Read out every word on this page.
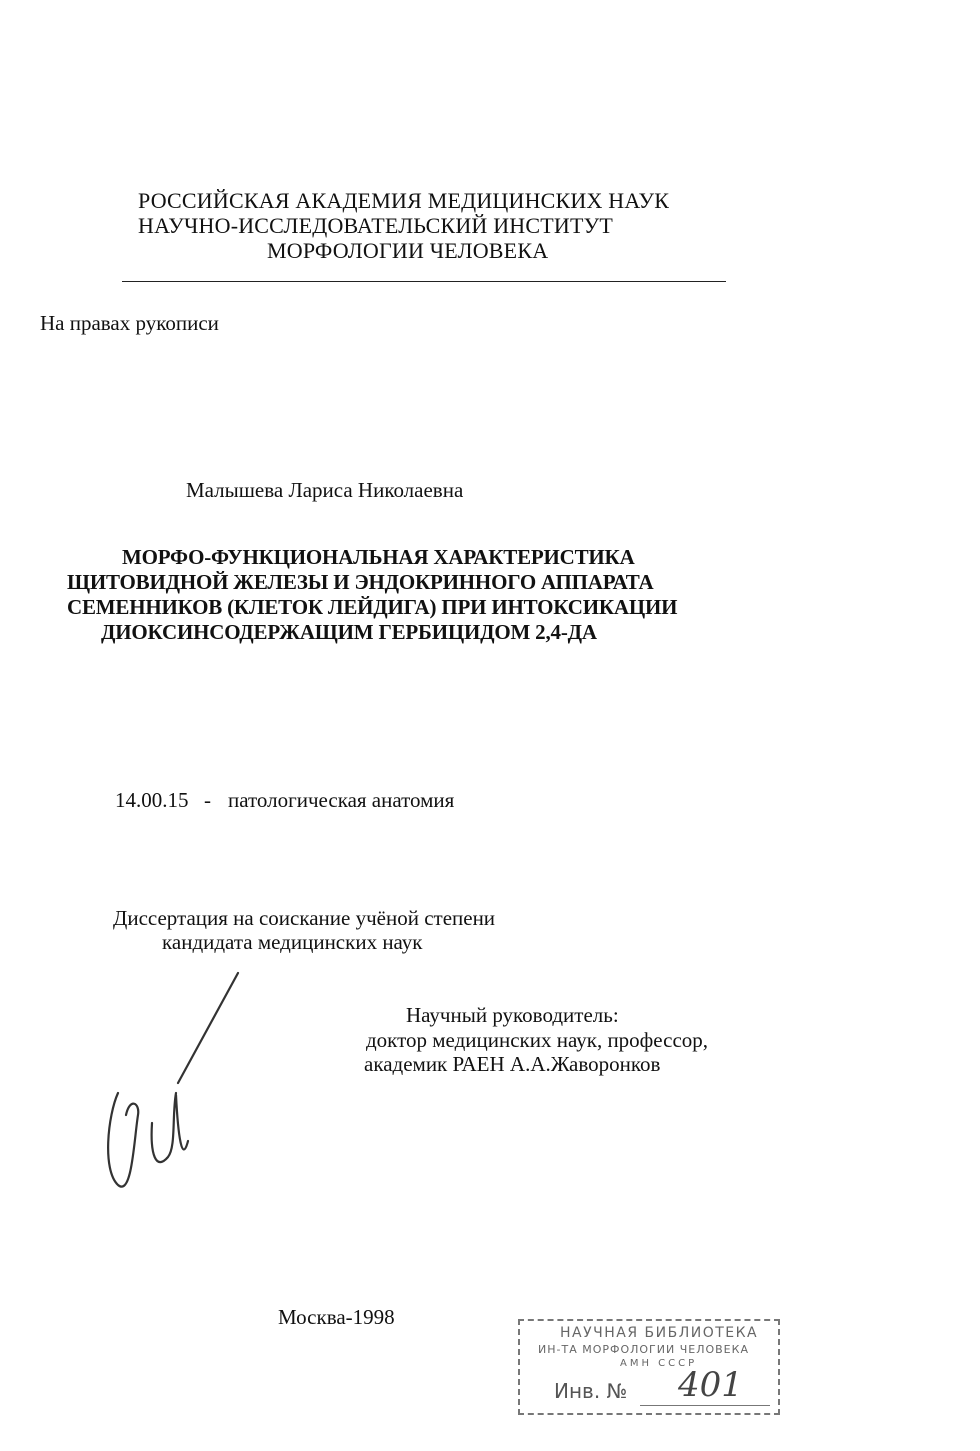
РОССИЙСКАЯ АКАДЕМИЯ МЕДИЦИНСКИХ НАУК
НАУЧНО-ИССЛЕДОВАТЕЛЬСКИЙ ИНСТИТУТ
МОРФОЛОГИИ ЧЕЛОВЕКА
На правах рукописи
Малышева Лариса Николаевна
МОРФО-ФУНКЦИОНАЛЬНАЯ ХАРАКТЕРИСТИКА
ЩИТОВИДНОЙ ЖЕЛЕЗЫ И ЭНДОКРИННОГО АППАРАТА
СЕМЕННИКОВ (КЛЕТОК ЛЕЙДИГА) ПРИ ИНТОКСИКАЦИИ
ДИОКСИНСОДЕРЖАЩИМ ГЕРБИЦИДОМ 2,4-ДА
14.00.15 - патологическая анатомия
Диссертация на соискание учёной степени
кандидата медицинских наук
Научный руководитель:
доктор медицинских наук, профессор,
академик РАЕН А.А.Жаворонков
Москва-1998
НАУЧНАЯ БИБЛИОТЕКА
ИН-ТА МОРФОЛОГИИ ЧЕЛОВЕКА
АМН СССР
Инв. № 401
